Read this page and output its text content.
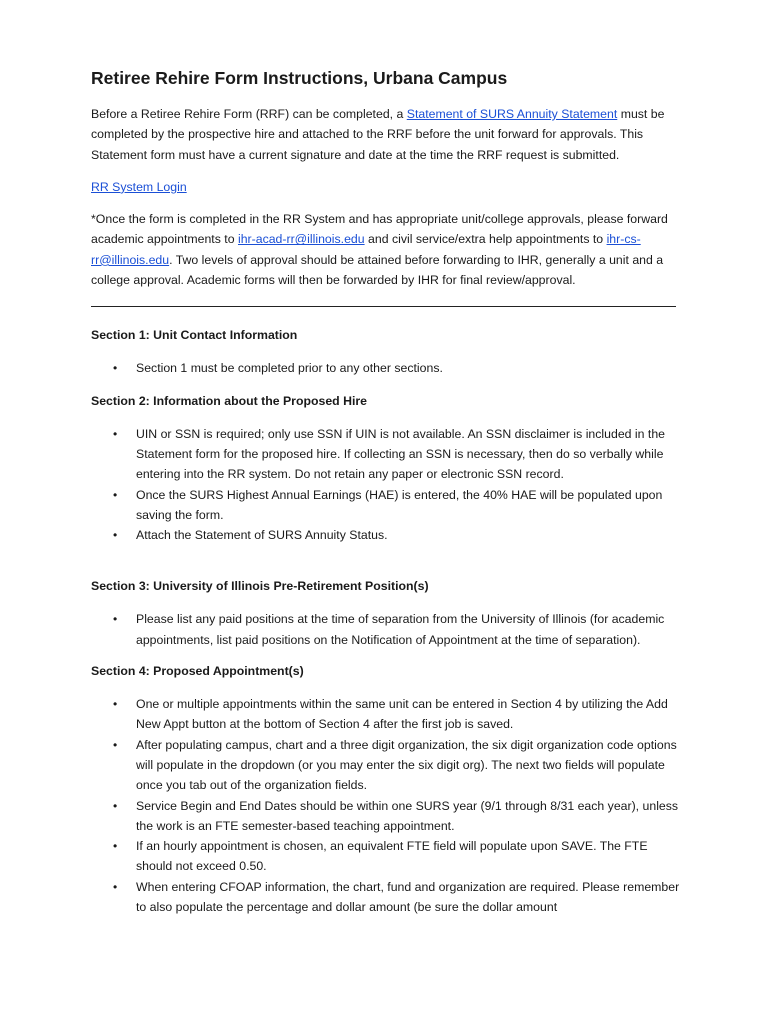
Retiree Rehire Form Instructions, Urbana Campus

Before a Retiree Rehire Form (RRF) can be completed, a Statement of SURS Annuity Statement must be completed by the prospective hire and attached to the RRF before the unit forward for approvals. This Statement form must have a current signature and date at the time the RRF request is submitted.

RR System Login

*Once the form is completed in the RR System and has appropriate unit/college approvals, please forward academic appointments to ihr-acad-rr@illinois.edu and civil service/extra help appointments to ihr-cs-rr@illinois.edu. Two levels of approval should be attained before forwarding to IHR, generally a unit and a college approval. Academic forms will then be forwarded by IHR for final review/approval.

Section 1: Unit Contact Information

• Section 1 must be completed prior to any other sections.

Section 2: Information about the Proposed Hire

• UIN or SSN is required; only use SSN if UIN is not available. An SSN disclaimer is included in the Statement form for the proposed hire. If collecting an SSN is necessary, then do so verbally while entering into the RR system. Do not retain any paper or electronic SSN record.
• Once the SURS Highest Annual Earnings (HAE) is entered, the 40% HAE will be populated upon saving the form.
• Attach the Statement of SURS Annuity Status.

Section 3: University of Illinois Pre-Retirement Position(s)

• Please list any paid positions at the time of separation from the University of Illinois (for academic appointments, list paid positions on the Notification of Appointment at the time of separation).

Section 4: Proposed Appointment(s)

• One or multiple appointments within the same unit can be entered in Section 4 by utilizing the Add New Appt button at the bottom of Section 4 after the first job is saved.
• After populating campus, chart and a three digit organization, the six digit organization code options will populate in the dropdown (or you may enter the six digit org). The next two fields will populate once you tab out of the organization fields.
• Service Begin and End Dates should be within one SURS year (9/1 through 8/31 each year), unless the work is an FTE semester-based teaching appointment.
• If an hourly appointment is chosen, an equivalent FTE field will populate upon SAVE. The FTE should not exceed 0.50.
• When entering CFOAP information, the chart, fund and organization are required. Please remember to also populate the percentage and dollar amount (be sure the dollar amount
